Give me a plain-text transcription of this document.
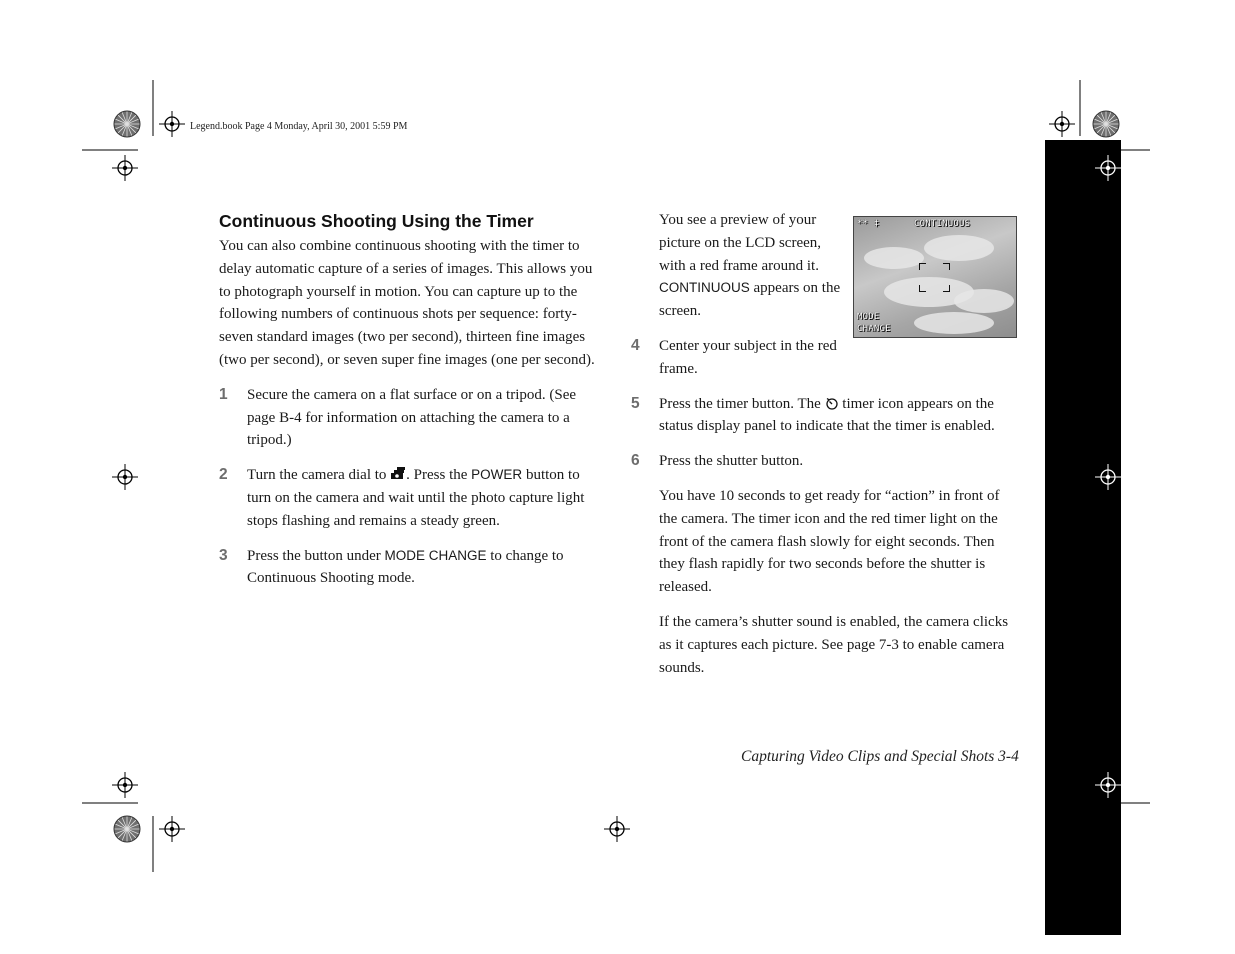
Legend.book Page 4 Monday, April 30, 2001 5:59 PM
Continuous Shooting Using the Timer

You can also combine continuous shooting with the timer to delay automatic capture of a series of images. This allows you to photograph yourself in motion. You can capture up to the following numbers of continuous shots per sequence: forty-seven standard images (two per second), thirteen fine images (two per second), or seven super fine images (one per second).

1 Secure the camera on a flat surface or on a tripod. (See page B-4 for information on attaching the camera to a tripod.)

2 Turn the camera dial to . Press the POWER button to turn on the camera and wait until the photo capture light stops flashing and remains a steady green.

3 Press the button under MODE CHANGE to change to Continuous Shooting mode.

** ‡	CONTINUOUS
MODE
CHANGE

You see a preview of your picture on the LCD screen, with a red frame around it. CONTINUOUS appears on the screen.

4 Center your subject in the red frame.

5 Press the timer button. The  timer icon appears on the status display panel to indicate that the timer is enabled.

6 Press the shutter button.

You have 10 seconds to get ready for “action” in front of the camera. The timer icon and the red timer light on the front of the camera flash slowly for eight seconds. Then they flash rapidly for two seconds before the shutter is released.
If the camera’s shutter sound is enabled, the camera clicks as it captures each picture. See page 7-3 to enable camera sounds.
Capturing Video Clips and Special Shots 3-4
